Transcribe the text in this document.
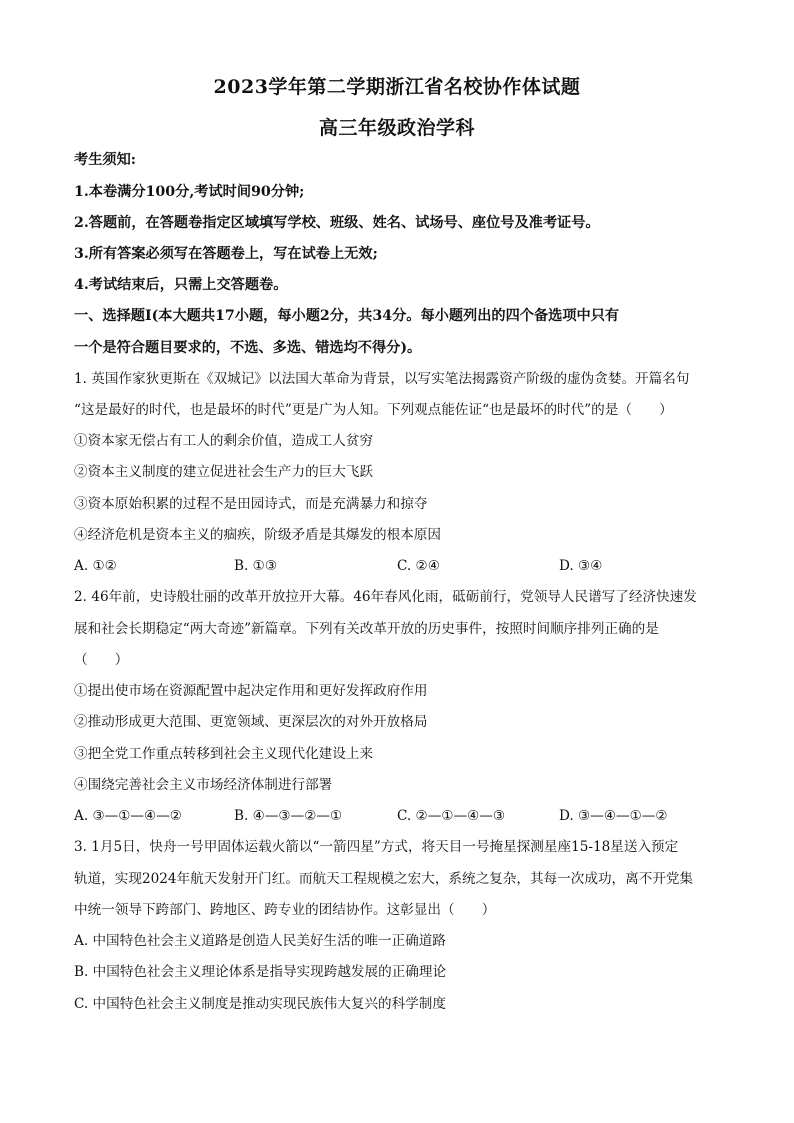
2023学年第二学期浙江省名校协作体试题
高三年级政治学科
考生须知:
1.本卷满分100分,考试时间90分钟;
2.答题前，在答题卷指定区域填写学校、班级、姓名、试场号、座位号及准考证号。
3.所有答案必须写在答题卷上，写在试卷上无效;
4.考试结束后，只需上交答题卷。
一、选择题Ⅰ(本大题共17小题，每小题2分，共34分。每小题列出的四个备选项中只有
一个是符合题目要求的，不选、多选、错选均不得分)。
1. 英国作家狄更斯在《双城记》以法国大革命为背景，以写实笔法揭露资产阶级的虚伪贪婪。开篇名句
“这是最好的时代，也是最坏的时代”更是广为人知。下列观点能佐证“也是最坏的时代”的是（　　）
①资本家无偿占有工人的剩余价值，造成工人贫穷
②资本主义制度的建立促进社会生产力的巨大飞跃
③资本原始积累的过程不是田园诗式，而是充满暴力和掠夺
④经济危机是资本主义的痼疾，阶级矛盾是其爆发的根本原因
A. ①②	B. ①③	C. ②④	D. ③④
2. 46年前，史诗般壮丽的改革开放拉开大幕。46年春风化雨，砥砺前行，党领导人民谱写了经济快速发
展和社会长期稳定“两大奇迹”新篇章。下列有关改革开放的历史事件，按照时间顺序排列正确的是
（　　）
①提出使市场在资源配置中起决定作用和更好发挥政府作用
②推动形成更大范围、更宽领域、更深层次的对外开放格局
③把全党工作重点转移到社会主义现代化建设上来
④围绕完善社会主义市场经济体制进行部署
A. ③—①—④—②	B. ④—③—②—①	C. ②—①—④—③	D. ③—④—①—②
3. 1月5日，快舟一号甲固体运载火箭以“一箭四星”方式，将天目一号掩星探测星座15-18星送入预定
轨道，实现2024年航天发射开门红。而航天工程规模之宏大，系统之复杂，其每一次成功，离不开党集
中统一领导下跨部门、跨地区、跨专业的团结协作。这彰显出（　　）
A. 中国特色社会主义道路是创造人民美好生活的唯一正确道路
B. 中国特色社会主义理论体系是指导实现跨越发展的正确理论
C. 中国特色社会主义制度是推动实现民族伟大复兴的科学制度
